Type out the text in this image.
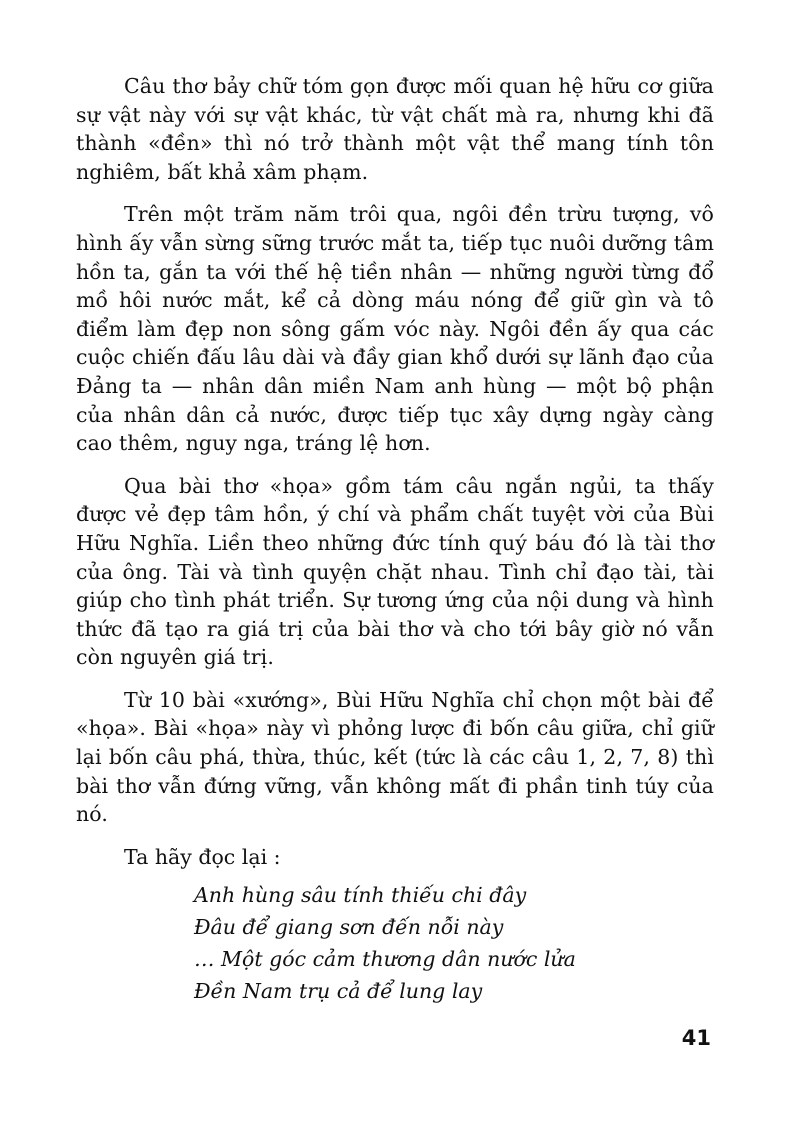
Câu thơ bảy chữ tóm gọn được mối quan hệ hữu cơ giữa sự vật này với sự vật khác, từ vật chất mà ra, nhưng khi đã thành «đền» thì nó trở thành một vật thể mang tính tôn nghiêm, bất khả xâm phạm.

Trên một trăm năm trôi qua, ngôi đền trừu tượng, vô hình ấy vẫn sừng sững trước mắt ta, tiếp tục nuôi dưỡng tâm hồn ta, gắn ta với thế hệ tiền nhân — những người từng đổ mồ hôi nước mắt, kể cả dòng máu nóng để giữ gìn và tô điểm làm đẹp non sông gấm vóc này. Ngôi đền ấy qua các cuộc chiến đấu lâu dài và đầy gian khổ dưới sự lãnh đạo của Đảng ta — nhân dân miền Nam anh hùng — một bộ phận của nhân dân cả nước, được tiếp tục xây dựng ngày càng cao thêm, nguy nga, tráng lệ hơn.

Qua bài thơ «họa» gồm tám câu ngắn ngủi, ta thấy được vẻ đẹp tâm hồn, ý chí và phẩm chất tuyệt vời của Bùi Hữu Nghĩa. Liền theo những đức tính quý báu đó là tài thơ của ông. Tài và tình quyện chặt nhau. Tình chỉ đạo tài, tài giúp cho tình phát triển. Sự tương ứng của nội dung và hình thức đã tạo ra giá trị của bài thơ và cho tới bây giờ nó vẫn còn nguyên giá trị.

Từ 10 bài «xướng», Bùi Hữu Nghĩa chỉ chọn một bài để «họa». Bài «họa» này vì phỏng lược đi bốn câu giữa, chỉ giữ lại bốn câu phá, thừa, thúc, kết (tức là các câu 1, 2, 7, 8) thì bài thơ vẫn đứng vững, vẫn không mất đi phần tinh túy của nó.

Ta hãy đọc lại :

Anh hùng sâu tính thiếu chi đây
Đâu để giang sơn đến nỗi này
… Một góc cảm thương dân nước lửa
Đền Nam trụ cả để lung lay
41
